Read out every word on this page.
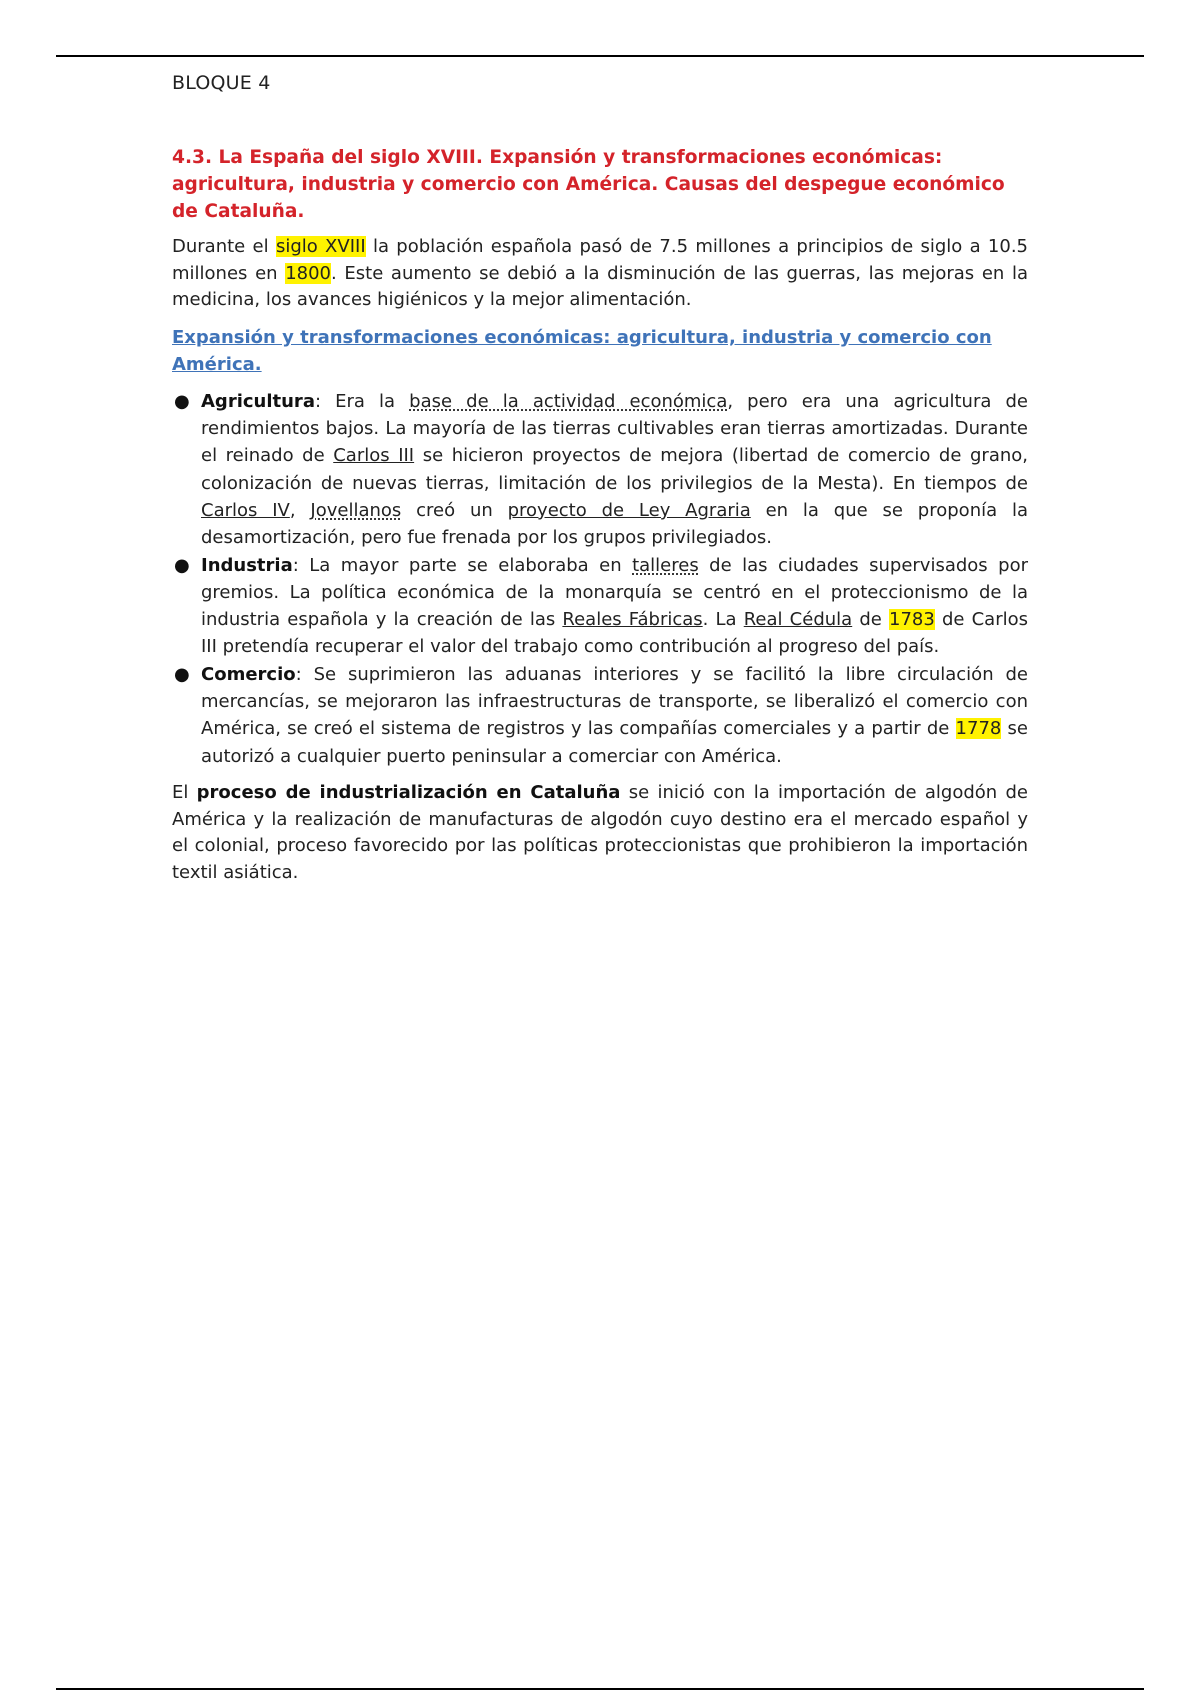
BLOQUE 4

4.3. La España del siglo XVIII. Expansión y transformaciones económicas: agricultura, industria y comercio con América. Causas del despegue económico de Cataluña.

Durante el siglo XVIII la población española pasó de 7.5 millones a principios de siglo a 10.5 millones en 1800. Este aumento se debió a la disminución de las guerras, las mejoras en la medicina, los avances higiénicos y la mejor alimentación.

Expansión y transformaciones económicas: agricultura, industria y comercio con América.

● Agricultura: Era la base de la actividad económica, pero era una agricultura de rendimientos bajos. La mayoría de las tierras cultivables eran tierras amortizadas. Durante el reinado de Carlos III se hicieron proyectos de mejora (libertad de comercio de grano, colonización de nuevas tierras, limitación de los privilegios de la Mesta). En tiempos de Carlos IV, Jovellanos creó un proyecto de Ley Agraria en la que se proponía la desamortización, pero fue frenada por los grupos privilegiados.
● Industria: La mayor parte se elaboraba en talleres de las ciudades supervisados por gremios. La política económica de la monarquía se centró en el proteccionismo de la industria española y la creación de las Reales Fábricas. La Real Cédula de 1783 de Carlos III pretendía recuperar el valor del trabajo como contribución al progreso del país.
● Comercio: Se suprimieron las aduanas interiores y se facilitó la libre circulación de mercancías, se mejoraron las infraestructuras de transporte, se liberalizó el comercio con América, se creó el sistema de registros y las compañías comerciales y a partir de 1778 se autorizó a cualquier puerto peninsular a comerciar con América.

El proceso de industrialización en Cataluña se inició con la importación de algodón de América y la realización de manufacturas de algodón cuyo destino era el mercado español y el colonial, proceso favorecido por las políticas proteccionistas que prohibieron la importación textil asiática.
